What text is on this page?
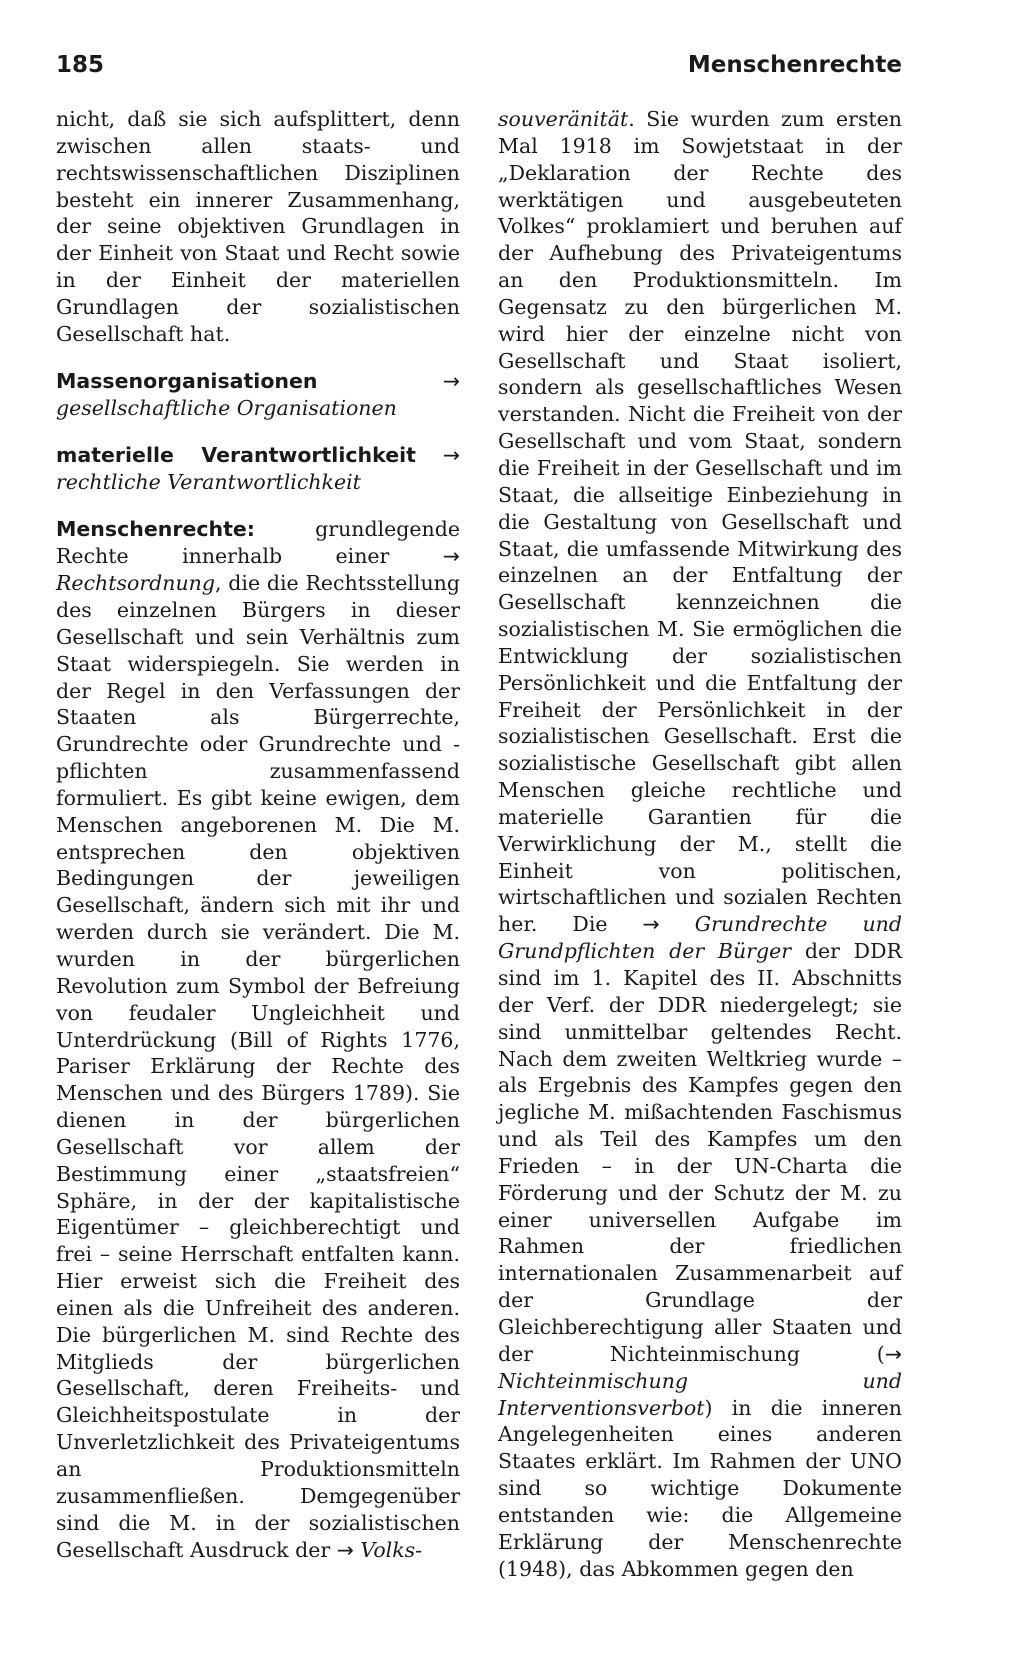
185	Menschenrechte

nicht, daß sie sich aufsplittert, denn zwischen allen staats- und rechtswissenschaftlichen Disziplinen besteht ein innerer Zusammenhang, der seine objektiven Grundlagen in der Einheit von Staat und Recht sowie in der Einheit der materiellen Grundlagen der sozialistischen Gesellschaft hat.

Massenorganisationen	→ gesellschaftliche Organisationen

materielle Verantwortlichkeit → rechtliche Verantwortlichkeit

Menschenrechte:	grundlegende Rechte innerhalb einer	→ Rechtsordnung, die die Rechtsstellung des einzelnen Bürgers in dieser Gesellschaft und sein Verhältnis zum Staat widerspiegeln. Sie werden in der Regel in den Verfassungen der Staaten als Bürgerrechte, Grundrechte oder Grundrechte und -pflichten zusammenfassend formuliert. Es gibt keine ewigen, dem Menschen angeborenen M. Die M. entsprechen den objektiven Bedingungen der jeweiligen Gesellschaft, ändern sich mit ihr und werden durch sie verändert. Die M. wurden in der bürgerlichen Revolution zum Symbol der Befreiung von feudaler Ungleichheit und Unterdrückung (Bill of Rights 1776, Pariser Erklärung der Rechte des Menschen und des Bürgers 1789). Sie dienen in der bürgerlichen Gesellschaft vor allem der Bestimmung einer „staatsfreien“ Sphäre, in der der kapitalistische Eigentümer – gleichberechtigt und frei – seine Herrschaft entfalten kann. Hier erweist sich die Freiheit des einen als die Unfreiheit des anderen. Die bürgerlichen M. sind Rechte des Mitglieds der bürgerlichen Gesellschaft, deren Freiheits- und Gleichheitspostulate in der Unverletzlichkeit des Privateigentums an Produktionsmitteln zusammenfließen. Demgegenüber sind die M. in der sozialistischen Gesellschaft Ausdruck der → Volks-

souveränität. Sie wurden zum ersten Mal 1918 im Sowjetstaat in der „Deklaration der Rechte des werktätigen und ausgebeuteten Volkes“ proklamiert und beruhen auf der Aufhebung des Privateigentums an den Produktionsmitteln. Im Gegensatz zu den bürgerlichen M. wird hier der einzelne nicht von Gesellschaft und Staat isoliert, sondern als gesellschaftliches Wesen verstanden. Nicht die Freiheit von der Gesellschaft und vom Staat, sondern die Freiheit in der Gesellschaft und im Staat, die allseitige Einbeziehung in die Gestaltung von Gesellschaft und Staat, die umfassende Mitwirkung des einzelnen an der Entfaltung der Gesellschaft kennzeichnen die sozialistischen M. Sie ermöglichen die Entwicklung der sozialistischen Persönlichkeit und die Entfaltung der Freiheit der Persönlichkeit in der sozialistischen Gesellschaft. Erst die sozialistische Gesellschaft gibt allen Menschen gleiche rechtliche und materielle Garantien für die Verwirklichung der M., stellt die Einheit von politischen, wirtschaftlichen und sozialen Rechten her. Die → Grundrechte und Grundpflichten der Bürger der DDR sind im 1. Kapitel des II. Abschnitts der Verf. der DDR niedergelegt; sie sind unmittelbar geltendes Recht. Nach dem zweiten Weltkrieg wurde – als Ergebnis des Kampfes gegen den jegliche M. mißachtenden Faschismus und als Teil des Kampfes um den Frieden – in der UN-Charta die Förderung und der Schutz der M. zu einer universellen Aufgabe im Rahmen der friedlichen internationalen Zusammenarbeit auf der Grundlage der Gleichberechtigung aller Staaten und der Nichteinmischung (→ Nichteinmischung und Interventionsverbot) in die inneren Angelegenheiten eines anderen Staates erklärt. Im Rahmen der UNO sind so wichtige Dokumente entstanden wie: die Allgemeine Erklärung der Menschenrechte (1948), das Abkommen gegen den
